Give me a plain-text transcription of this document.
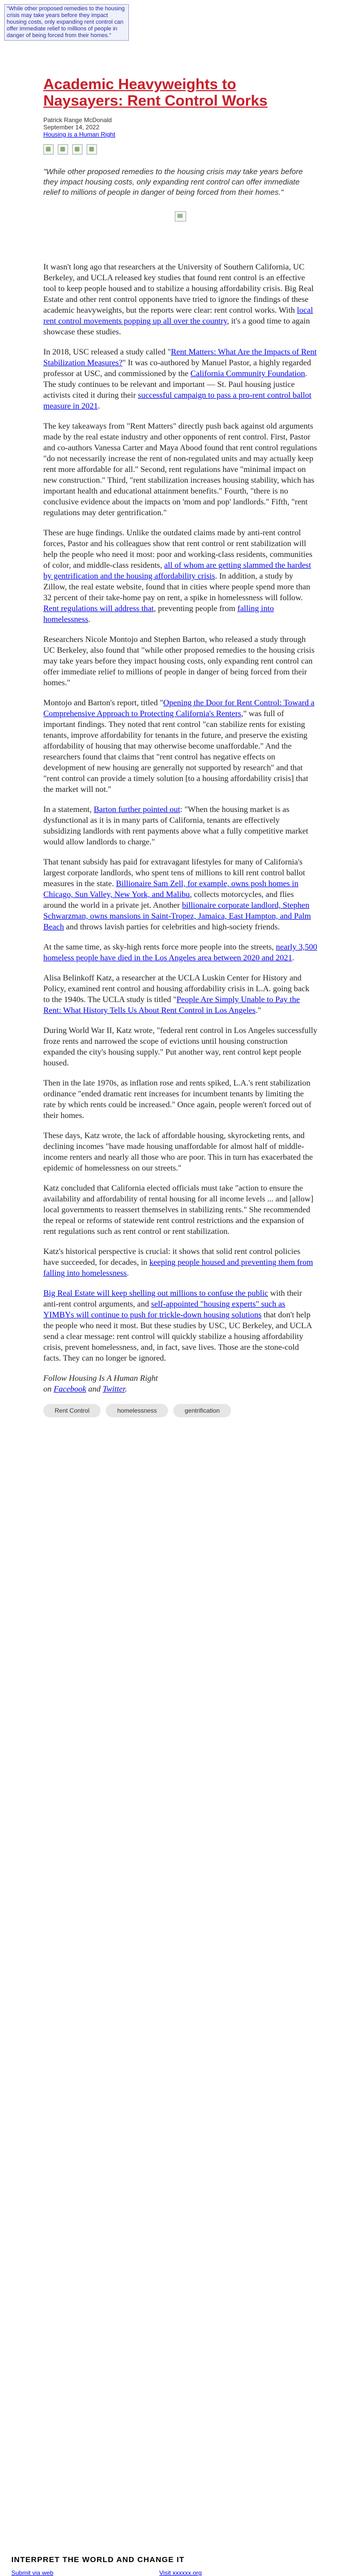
"While other proposed remedies to the housing crisis may take years before they impact housing costs, only expanding rent control can offer immediate relief to millions of people in danger of being forced from their homes."
Academic Heavyweights to Naysayers: Rent Control Works
Patrick Range McDonald
September 14, 2022
Housing is a Human Right
"While other proposed remedies to the housing crisis may take years before they impact housing costs, only expanding rent control can offer immediate relief to millions of people in danger of being forced from their homes."

It wasn't long ago that researchers at the University of Southern California, UC Berkeley, and UCLA released key studies that found rent control is an effective tool to keep people housed and to stabilize a housing affordability crisis. Big Real Estate and other rent control opponents have tried to ignore the findings of these academic heavyweights, but the reports were clear: rent control works. With local rent control movements popping up all over the country, it's a good time to again showcase these studies.

In 2018, USC released a study called "Rent Matters: What Are the Impacts of Rent Stabilization Measures?" It was co-authored by Manuel Pastor, a highly regarded professor at USC, and commissioned by the California Community Foundation. The study continues to be relevant and important — St. Paul housing justice activists cited it during their successful campaign to pass a pro-rent control ballot measure in 2021.

The key takeaways from "Rent Matters" directly push back against old arguments made by the real estate industry and other opponents of rent control. First, Pastor and co-authors Vanessa Carter and Maya Abood found that rent control regulations "do not necessarily increase the rent of non-regulated units and may actually keep rent more affordable for all." Second, rent regulations have "minimal impact on new construction." Third, "rent stabilization increases housing stability, which has important health and educational attainment benefits." Fourth, "there is no conclusive evidence about the impacts on 'mom and pop' landlords." Fifth, "rent regulations may deter gentrification."

These are huge findings. Unlike the outdated claims made by anti-rent control forces, Pastor and his colleagues show that rent control or rent stabilization will help the people who need it most: poor and working-class residents, communities of color, and middle-class residents, all of whom are getting slammed the hardest by gentrification and the housing affordability crisis. In addition, a study by Zillow, the real estate website, found that in cities where people spend more than 32 percent of their take-home pay on rent, a spike in homelessness will follow. Rent regulations will address that, preventing people from falling into homelessness.

Researchers Nicole Montojo and Stephen Barton, who released a study through UC Berkeley, also found that "while other proposed remedies to the housing crisis may take years before they impact housing costs, only expanding rent control can offer immediate relief to millions of people in danger of being forced from their homes."

Montojo and Barton's report, titled "Opening the Door for Rent Control: Toward a Comprehensive Approach to Protecting California's Renters," was full of important findings. They noted that rent control "can stabilize rents for existing tenants, improve affordability for tenants in the future, and preserve the existing affordability of housing that may otherwise become unaffordable." And the researchers found that claims that "rent control has negative effects on development of new housing are generally not supported by research" and that "rent control can provide a timely solution [to a housing affordability crisis] that the market will not."

In a statement, Barton further pointed out: "When the housing market is as dysfunctional as it is in many parts of California, tenants are effectively subsidizing landlords with rent payments above what a fully competitive market would allow landlords to charge."

That tenant subsidy has paid for extravagant lifestyles for many of California's largest corporate landlords, who spent tens of millions to kill rent control ballot measures in the state. Billionaire Sam Zell, for example, owns posh homes in Chicago, Sun Valley, New York, and Malibu, collects motorcycles, and flies around the world in a private jet. Another billionaire corporate landlord, Stephen Schwarzman, owns mansions in Saint-Tropez, Jamaica, East Hampton, and Palm Beach and throws lavish parties for celebrities and high-society friends.

At the same time, as sky-high rents force more people into the streets, nearly 3,500 homeless people have died in the Los Angeles area between 2020 and 2021.

Alisa Belinkoff Katz, a researcher at the UCLA Luskin Center for History and Policy, examined rent control and housing affordability crisis in L.A. going back to the 1940s. The UCLA study is titled "People Are Simply Unable to Pay the Rent: What History Tells Us About Rent Control in Los Angeles."

During World War II, Katz wrote, "federal rent control in Los Angeles successfully froze rents and narrowed the scope of evictions until housing construction expanded the city's housing supply." Put another way, rent control kept people housed.

Then in the late 1970s, as inflation rose and rents spiked, L.A.'s rent stabilization ordinance "ended dramatic rent increases for incumbent tenants by limiting the rate by which rents could be increased." Once again, people weren't forced out of their homes.

These days, Katz wrote, the lack of affordable housing, skyrocketing rents, and declining incomes "have made housing unaffordable for almost half of middle-income renters and nearly all those who are poor. This in turn has exacerbated the epidemic of homelessness on our streets."

Katz concluded that California elected officials must take "action to ensure the availability and affordability of rental housing for all income levels ... and [allow] local governments to reassert themselves in stabilizing rents." She recommended the repeal or reforms of statewide rent control restrictions and the expansion of rent regulations such as rent control or rent stabilization.

Katz's historical perspective is crucial: it shows that solid rent control policies have succeeded, for decades, in keeping people housed and preventing them from falling into homelessness.

Big Real Estate will keep shelling out millions to confuse the public with their anti-rent control arguments, and self-appointed "housing experts" such as YIMBYs will continue to push for trickle-down housing solutions that don't help the people who need it most. But these studies by USC, UC Berkeley, and UCLA send a clear message: rent control will quickly stabilize a housing affordability crisis, prevent homelessness, and, in fact, save lives. Those are the stone-cold facts. They can no longer be ignored.

Follow Housing Is A Human Right
on Facebook and Twitter.

Rent Control	homelessness	gentrification
INTERPRET THE WORLD AND CHANGE IT
Submit via web	Visit xxxxxx.org
